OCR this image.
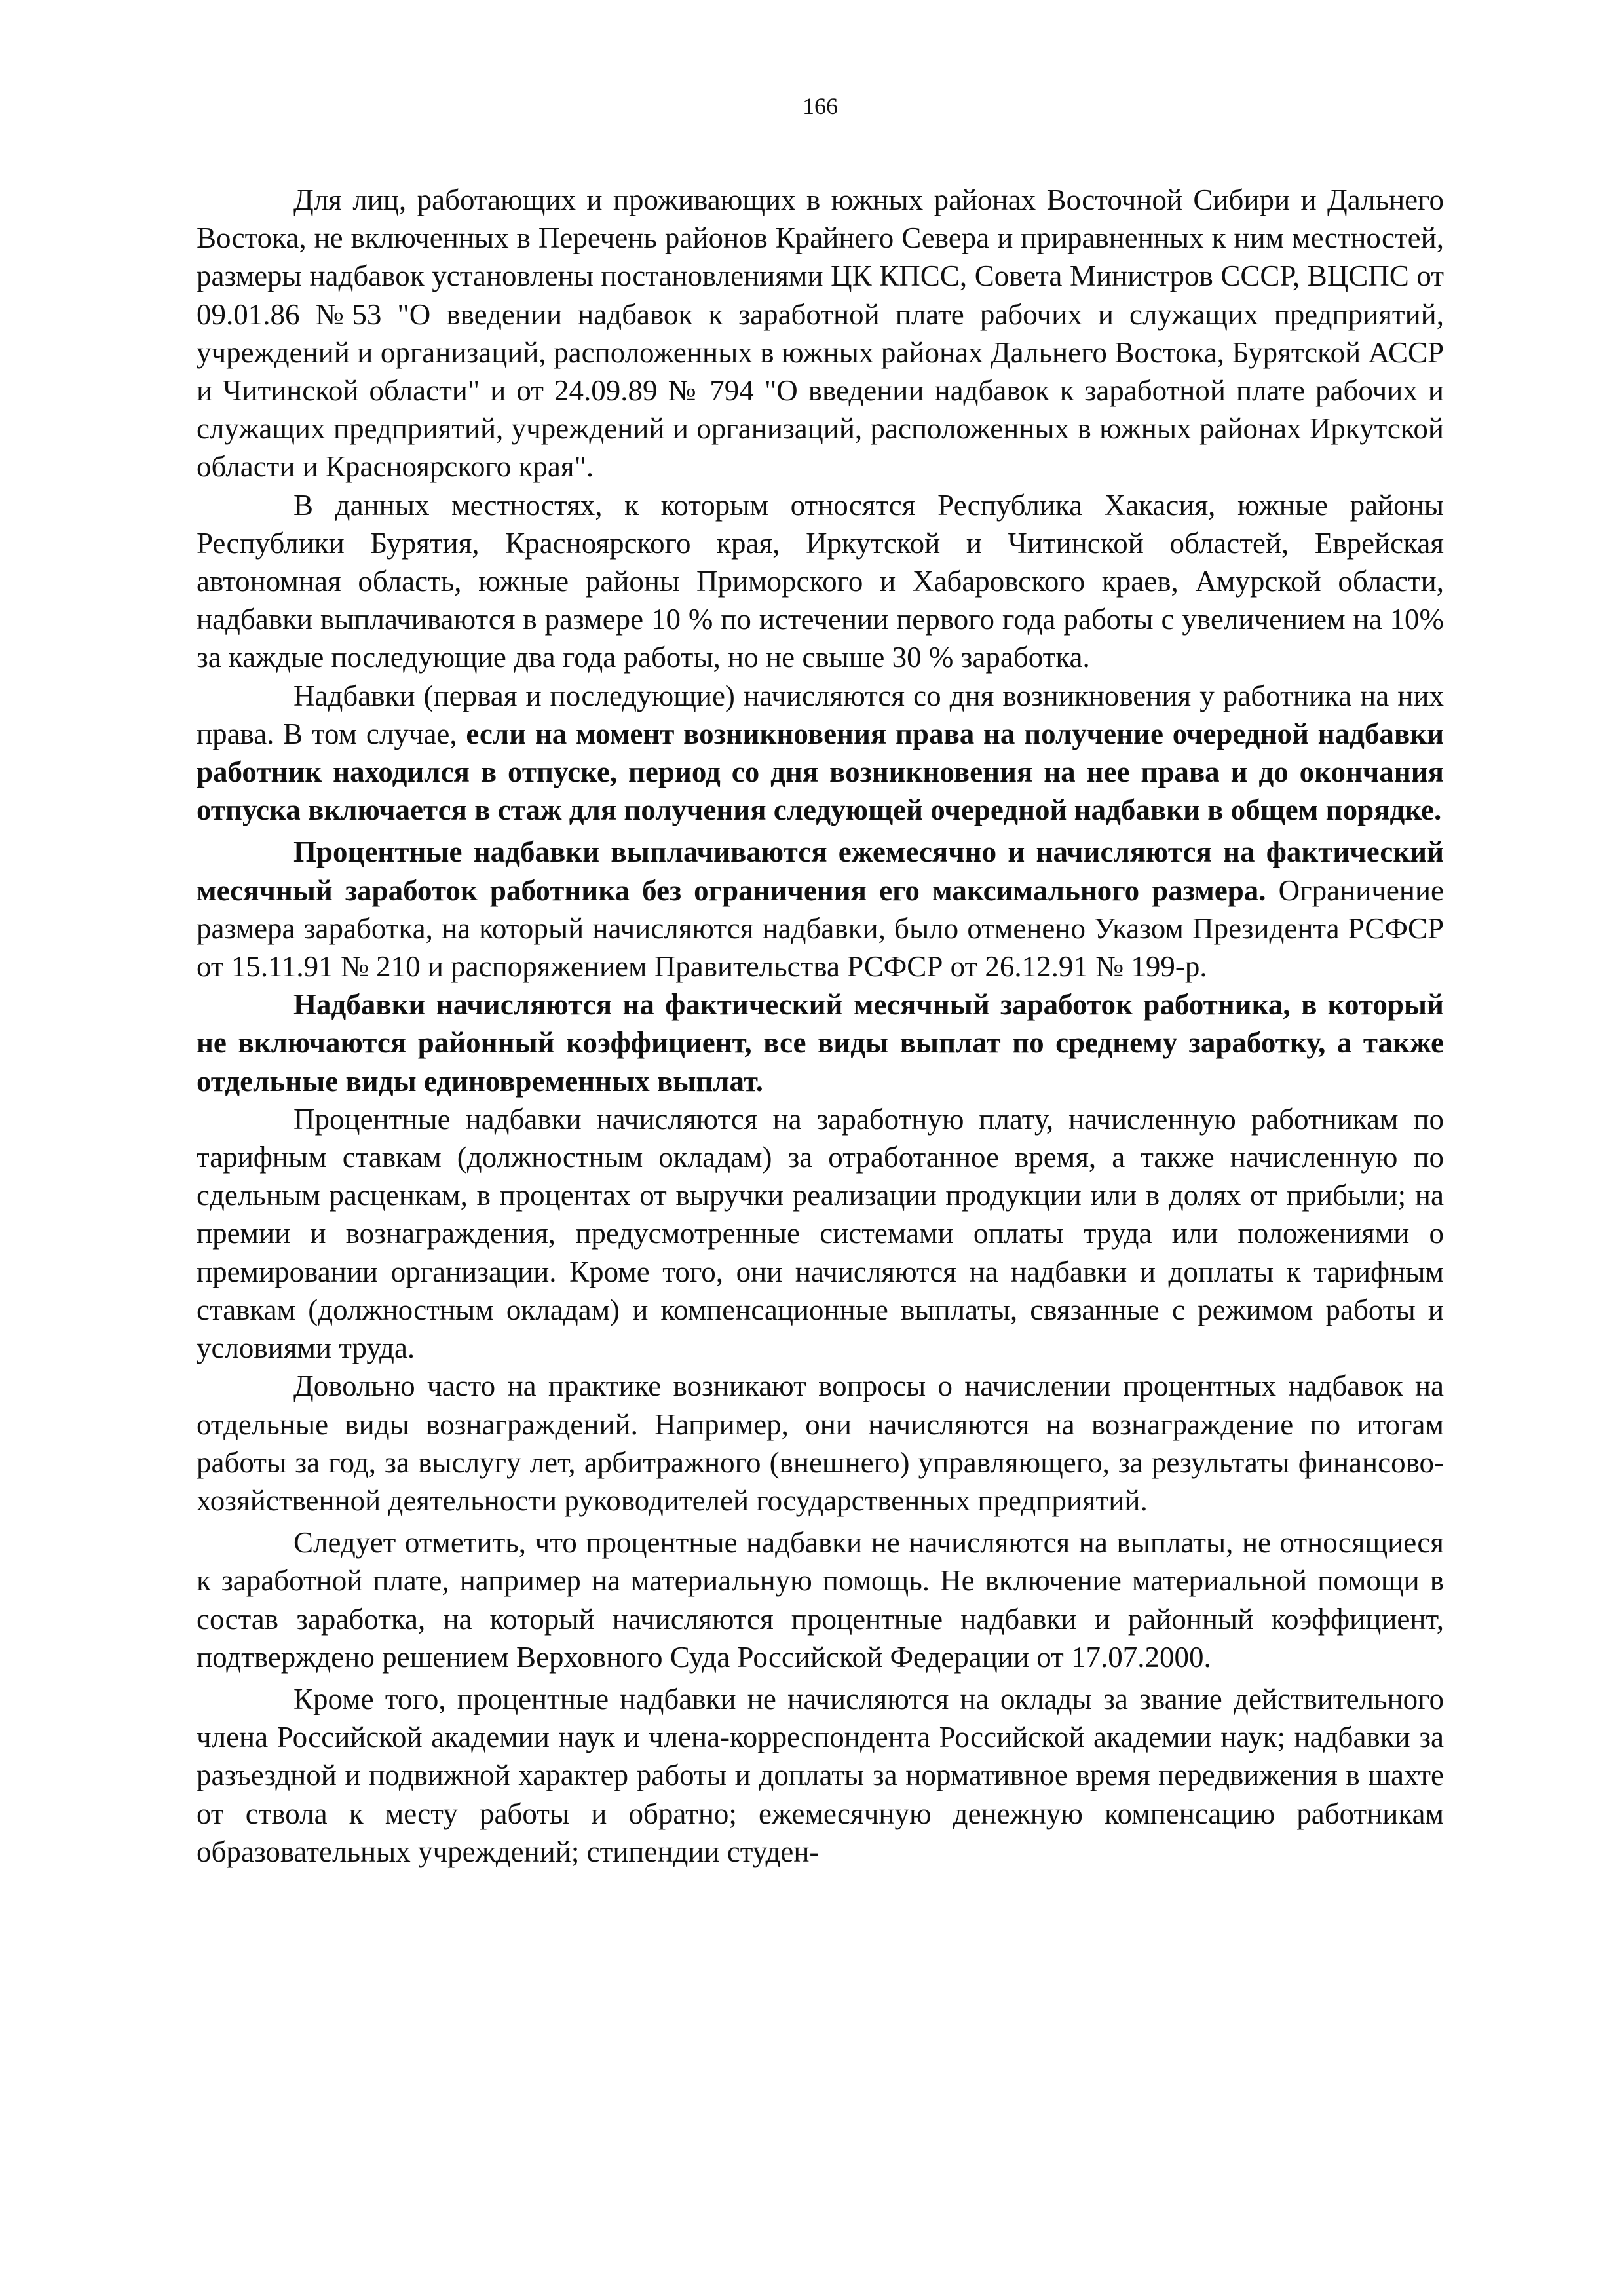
166

Для лиц, работающих и проживающих в южных районах Восточной Сибири и Дальнего Востока, не включенных в Перечень районов Крайнего Севера и приравненных к ним местностей, размеры надбавок установлены постановлениями ЦК КПСС, Совета Министров СССР, ВЦСПС от 09.01.86 №53 "О введении надбавок к заработной плате рабочих и служащих предприятий, учреждений и организаций, расположенных в южных районах Дальнего Востока, Бурятской АССР и Читинской области" и от 24.09.89 № 794 "О введении надбавок к заработной плате рабочих и служащих предприятий, учреждений и организаций, расположенных в южных районах Иркутской области и Красноярского края".

В данных местностях, к которым относятся Республика Хакасия, южные районы Республики Бурятия, Красноярского края, Иркутской и Читинской областей, Еврейская автономная область, южные районы Приморского и Хабаровского краев, Амурской области, надбавки выплачиваются в размере 10 % по истечении первого года работы с увеличением на 10% за каждые последующие два года работы, но не свыше 30 % заработка.

Надбавки (первая и последующие) начисляются со дня возникновения у работника на них права. В том случае, если на момент возникновения права на получение очередной надбавки работник находился в отпуске, период со дня возникновения на нее права и до окончания отпуска включается в стаж для получения следующей очередной надбавки в общем порядке.

Процентные надбавки выплачиваются ежемесячно и начисляются на фактический месячный заработок работника без ограничения его максимального размера. Ограничение размера заработка, на который начисляются надбавки, было отменено Указом Президента РСФСР от 15.11.91 № 210 и распоряжением Правительства РСФСР от 26.12.91 № 199-р.

Надбавки начисляются на фактический месячный заработок работника, в который не включаются районный коэффициент, все виды выплат по среднему заработку, а также отдельные виды единовременных выплат.

Процентные надбавки начисляются на заработную плату, начисленную работникам по тарифным ставкам (должностным окладам) за отработанное время, а также начисленную по сдельным расценкам, в процентах от выручки реализации продукции или в долях от прибыли; на премии и вознаграждения, предусмотренные системами оплаты труда или положениями о премировании организации. Кроме того, они начисляются на надбавки и доплаты к тарифным ставкам (должностным окладам) и компенсационные выплаты, связанные с режимом работы и условиями труда.

Довольно часто на практике возникают вопросы о начислении процентных надбавок на отдельные виды вознаграждений. Например, они начисляются на вознаграждение по итогам работы за год, за выслугу лет, арбитражного (внешнего) управляющего, за результаты финансово-хозяйственной деятельности руководителей государственных предприятий.

Следует отметить, что процентные надбавки не начисляются на выплаты, не относящиеся к заработной плате, например на материальную помощь. Не включение материальной помощи в состав заработка, на который начисляются процентные надбавки и районный коэффициент, подтверждено решением Верховного Суда Российской Федерации от 17.07.2000.

Кроме того, процентные надбавки не начисляются на оклады за звание действительного члена Российской академии наук и члена-корреспондента Российской академии наук; надбавки за разъездной и подвижной характер работы и доплаты за нормативное время передвижения в шахте от ствола к месту работы и обратно; ежемесячную денежную компенсацию работникам образовательных учреждений; стипендии студен-
